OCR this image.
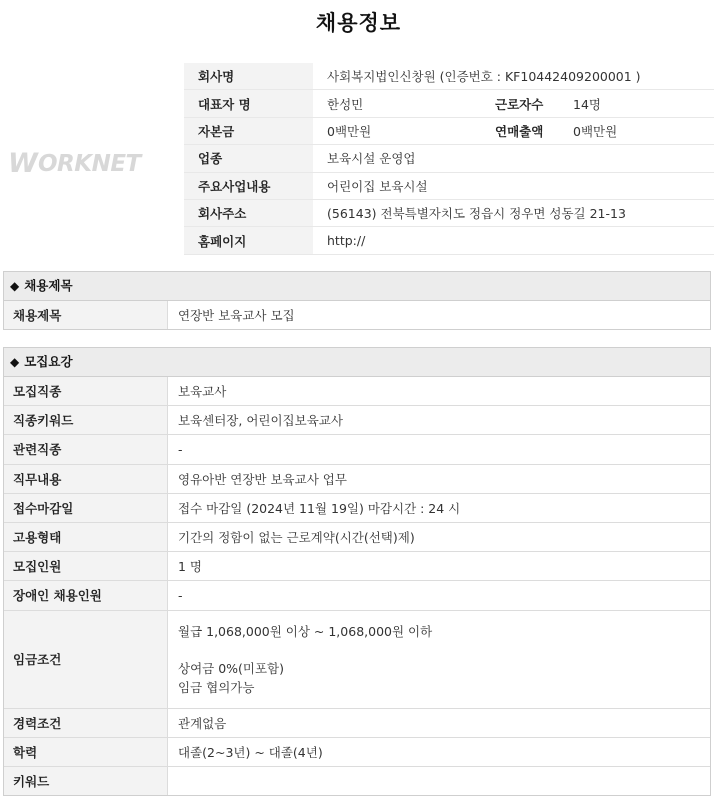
채용정보
W ORKNET
회사명	사회복지법인신창원 (인증번호 : KF10442409200001 )		
대표자 명	한성민	근로자수	14명
자본금	0백만원	연매출액	0백만원
업종	보육시설 운영업		
주요사업내용	어린이집 보육시설		
회사주소	(56143) 전북특별자치도 정읍시 정우면 성동길 21-13		
홈페이지	http://		
◆ 채용제목
채용제목	연장반 보육교사 모집
◆ 모집요강
모집직종	보육교사
직종키워드	보육센터장, 어린이집보육교사
관련직종	-
직무내용	영유아반 연장반 보육교사 업무
접수마감일	접수 마감일 (2024년 11월 19일) 마감시간 : 24 시
고용형태	기간의 정함이 없는 근로계약(시간(선택)제)
모집인원	1 명
장애인 채용인원	-
임금조건	월급 1,068,000원 이상 ~ 1,068,000원 이하
상여금 0%(미포함)
임금 협의가능

경력조건	관계없음
학력	대졸(2~3년) ~ 대졸(4년)
키워드	
